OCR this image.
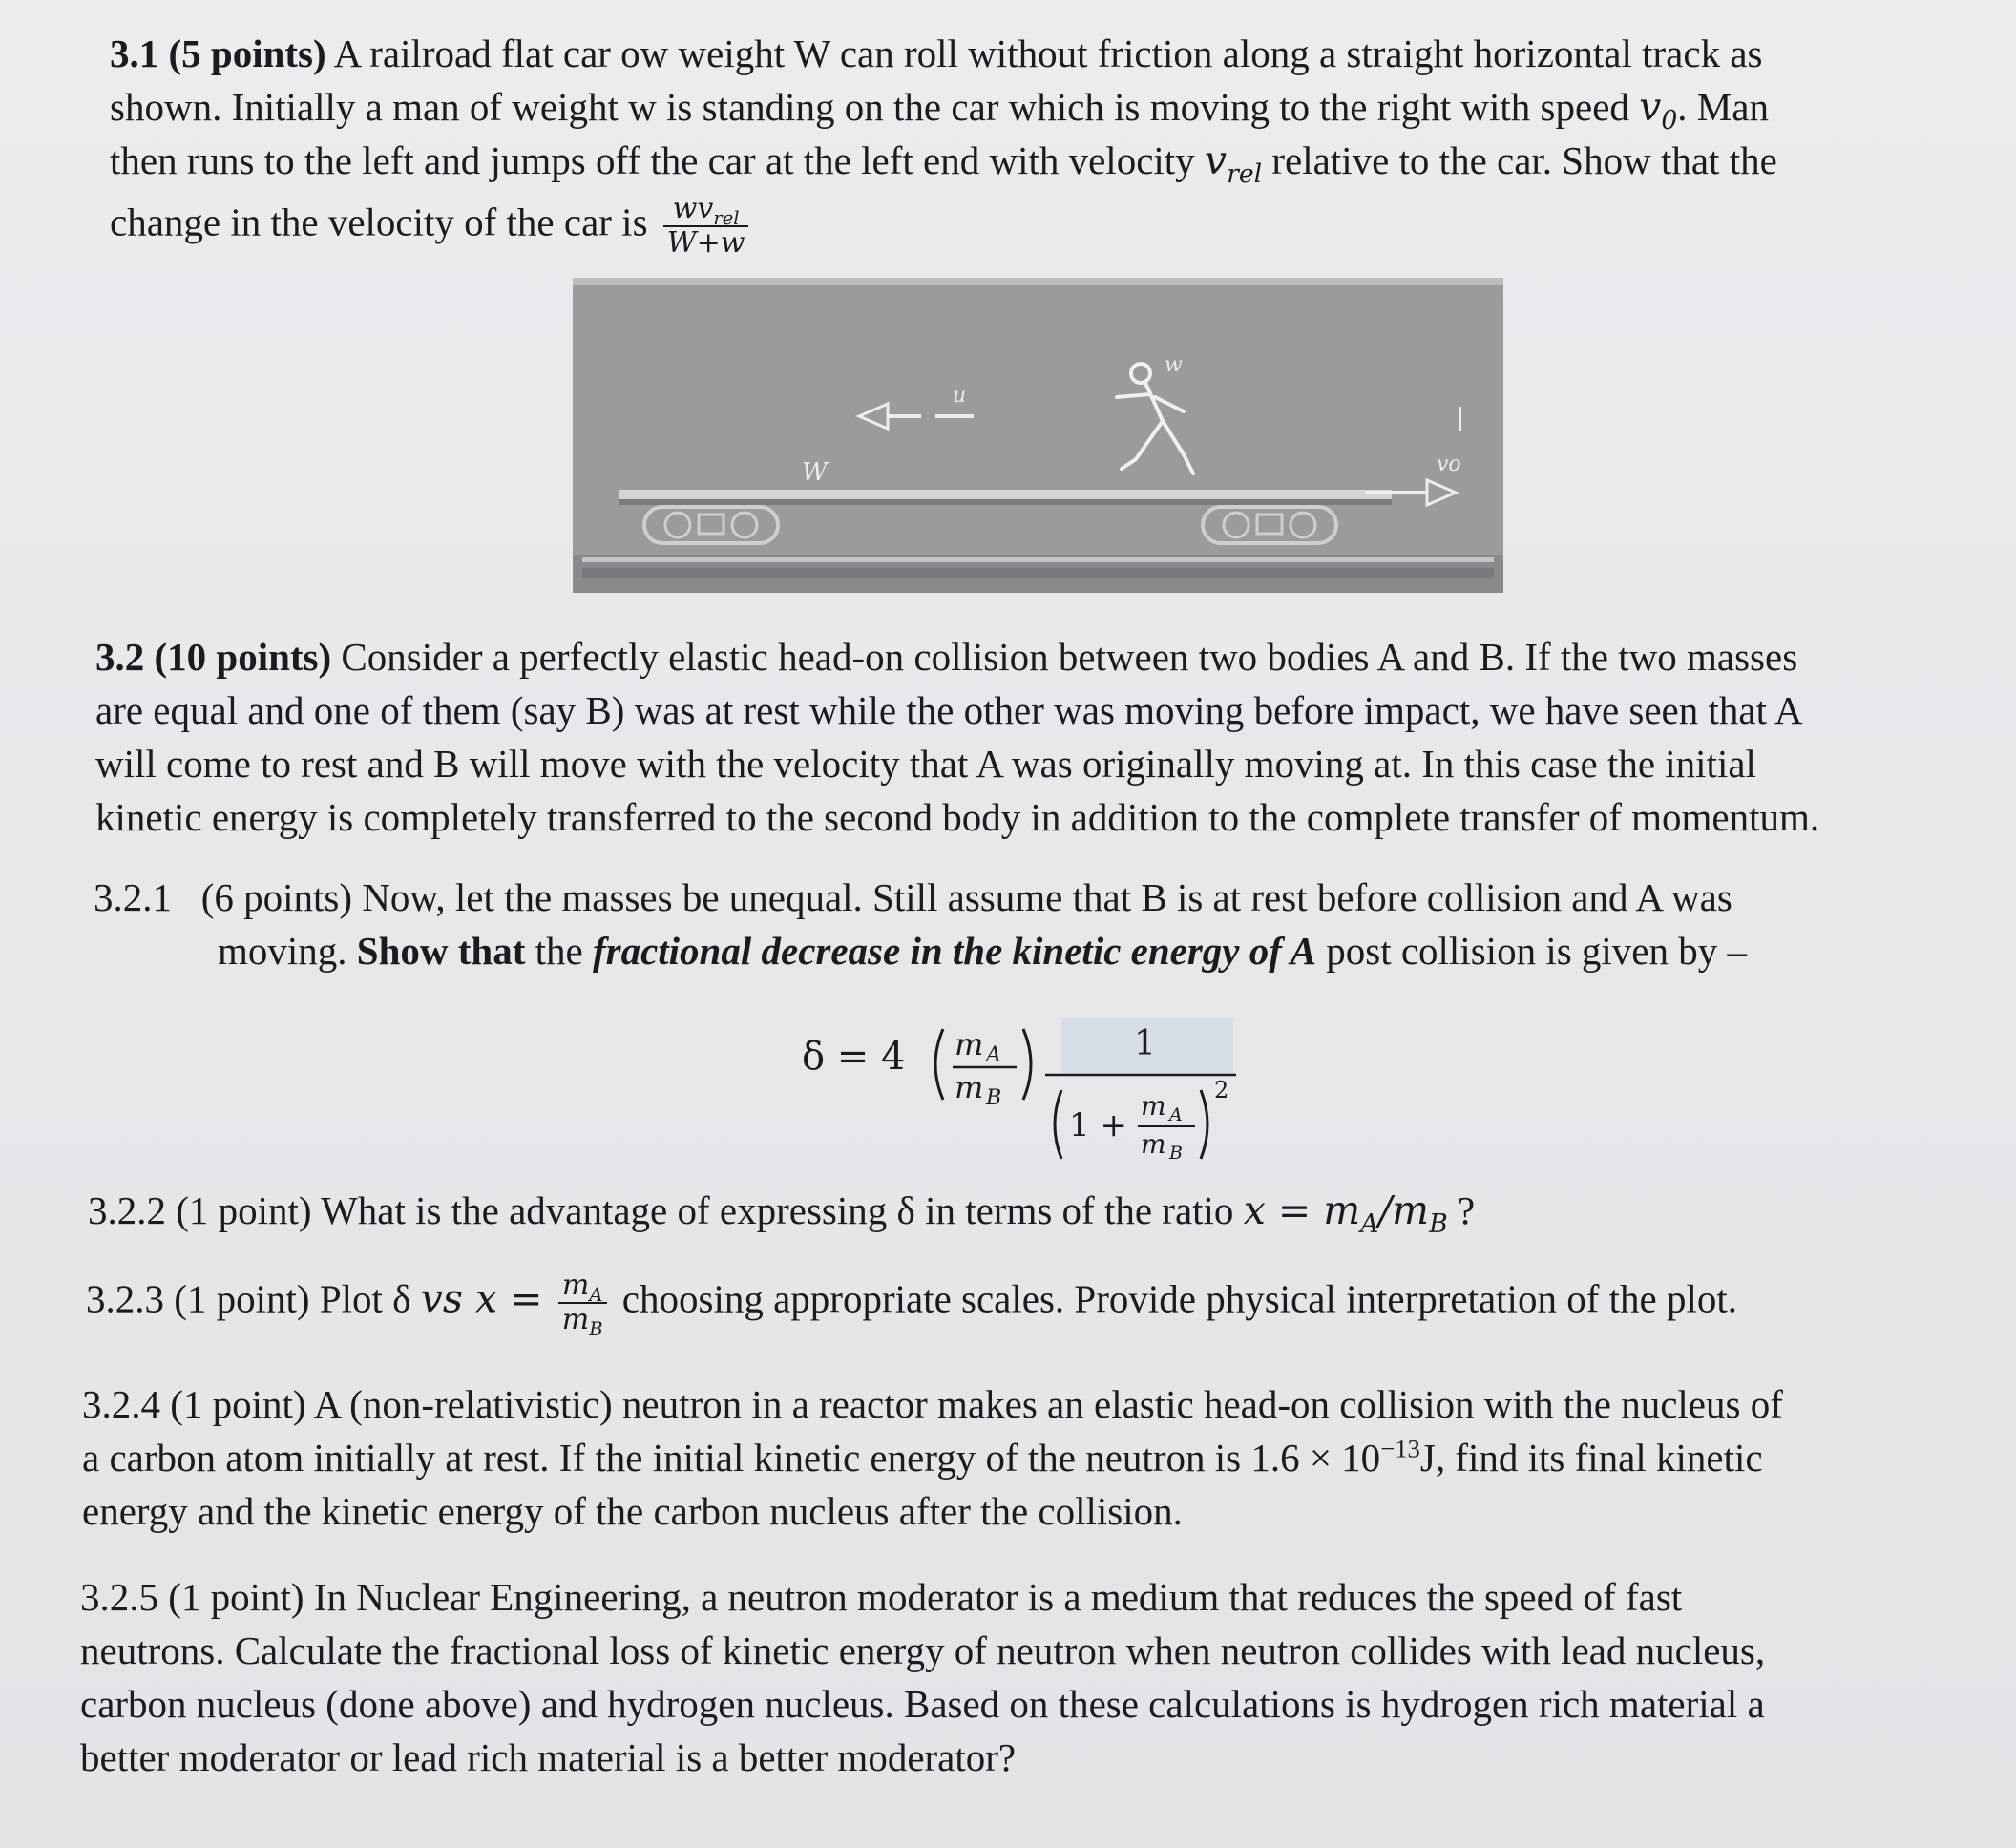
3.1 (5 points) A railroad flat car ow weight W can roll without friction along a straight horizontal track as

shown. Initially a man of weight w is standing on the car which is moving to the right with speed $v_0$. Man

then runs to the left and jumps off the car at the left end with velocity $v_{rel}$ relative to the car. Show that the

change in the velocity of the car is $\frac{wv_{rel}}{W+w}$

u
w
W	vo

3.2 (10 points) Consider a perfectly elastic head-on collision between two bodies A and B. If the two masses

are equal and one of them (say B) was at rest while the other was moving before impact, we have seen that A

will come to rest and B will move with the velocity that A was originally moving at. In this case the initial

kinetic energy is completely transferred to the second body in addition to the complete transfer of momentum.

3.2.1 (6 points) Now, let the masses be unequal. Still assume that B is at rest before collision and A was

moving. Show that the fractional decrease in the kinetic energy of A post collision is given by –

δ = 4 m A
m B
1
1 +
m A
m B
2

3.2.2 (1 point) What is the advantage of expressing δ in terms of the ratio $x = m_A/m_B$ ?

3.2.3 (1 point) Plot δ vs $x = \frac{m_A}{m_B}$ choosing appropriate scales. Provide physical interpretation of the plot.

3.2.4 (1 point) A (non-relativistic) neutron in a reactor makes an elastic head-on collision with the nucleus of

a carbon atom initially at rest. If the initial kinetic energy of the neutron is $1.6 \times 10^{-13}J$, find its final kinetic

energy and the kinetic energy of the carbon nucleus after the collision.

3.2.5 (1 point) In Nuclear Engineering, a neutron moderator is a medium that reduces the speed of fast

neutrons. Calculate the fractional loss of kinetic energy of neutron when neutron collides with lead nucleus,

carbon nucleus (done above) and hydrogen nucleus. Based on these calculations is hydrogen rich material a

better moderator or lead rich material is a better moderator?
